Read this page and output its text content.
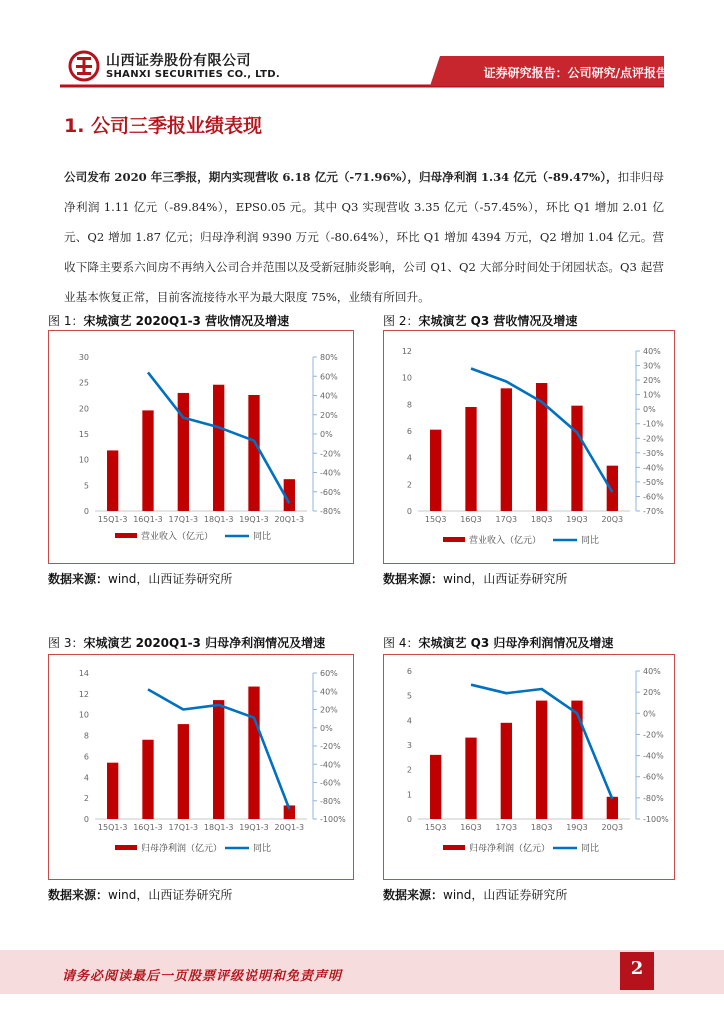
山西证券股份有限公司
SHANXI SECURITIES CO., LTD.	证券研究报告：公司研究/点评报告
1. 公司三季报业绩表现

公司发布 2020 年三季报，期内实现营收 6.18 亿元（-71.96%），归母净利润 1.34 亿元（-89.47%），扣非归母净利润 1.11 亿元（-89.84%），EPS0.05 元。其中 Q3 实现营收 3.35 亿元（-57.45%），环比 Q1 增加 2.01 亿元、Q2 增加 1.87 亿元；归母净利润 9390 万元（-80.64%），环比 Q1 增加 4394 万元，Q2 增加 1.04 亿元。营收下降主要系六间房不再纳入公司合并范围以及受新冠肺炎影响，公司 Q1、Q2 大部分时间处于闭园状态。Q3 起营业基本恢复正常，目前客流接待水平为最大限度 75%，业绩有所回升。

图 1：宋城演艺 2020Q1-3 营收情况及增速
0
5
10
15
20
25
30
-80%
-60%
-40%
-20%
0%
20%
40%
60%
80%
15Q1-3 16Q1-3 17Q1-3 18Q1-3 19Q1-3 20Q1-3
营业收入（亿元）	同比
数据来源：wind，山西证券研究所
图 2：宋城演艺 Q3 营收情况及增速
0
2
4
6
8
10
12
-70%
-60%
-50%
-40%
-30%
-20%
-10%
0%
10%
20%
30%
40%
15Q3 16Q3 17Q3 18Q3 19Q3 20Q3
营业收入（亿元）	同比
数据来源：wind，山西证券研究所
图 3：宋城演艺 2020Q1-3 归母净利润情况及增速
0
2
4
6
8
10
12
14
-100%
-80%
-60%
-40%
-20%
0%
20%
40%
60%
15Q1-3 16Q1-3 17Q1-3 18Q1-3 19Q1-3 20Q1-3
归母净利润（亿元）	同比
数据来源：wind，山西证券研究所
图 4：宋城演艺 Q3 归母净利润情况及增速
0
1
2
3
4
5
6
-100%
-80%
-60%
-40%
-20%
0%
20%
40%
15Q3 16Q3 17Q3 18Q3 19Q3 20Q3
归母净利润（亿元）	同比
数据来源：wind，山西证券研究所
请务必阅读最后一页股票评级说明和免责声明	2
